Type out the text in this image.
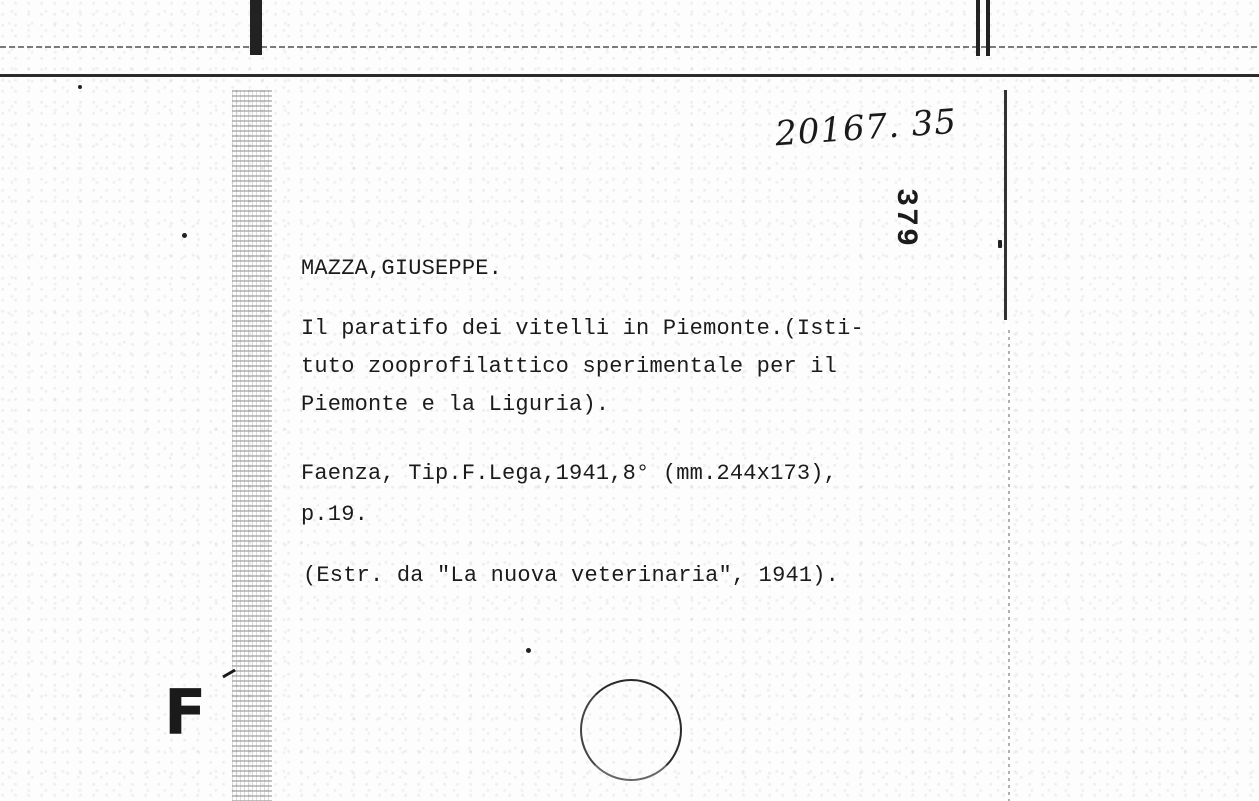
20167. 35
379
MAZZA,GIUSEPPE.
Il paratifo dei vitelli in Piemonte.(Isti-
tuto zooprofilattico sperimentale per il
Piemonte e la Liguria).
Faenza, Tip.F.Lega,1941,8° (mm.244x173),
p.19.
(Estr. da "La nuova veterinaria", 1941).
F
